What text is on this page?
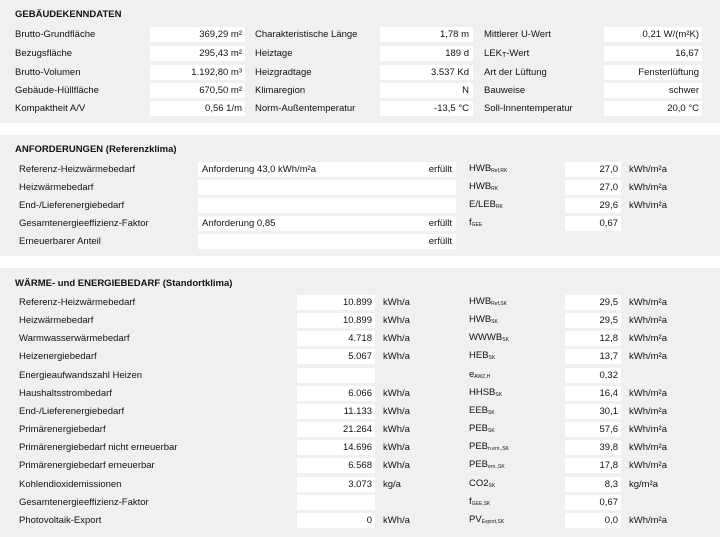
GEBÄUDEKENNDATEN
Brutto-Grundfläche	369,29 m² Charakteristische Länge	1,78 m Mittlerer U-Wert	0,21 W/(m²K)
Bezugsfläche	295,43 m² Heiztage	189 d $LEK_T$-Wert	16,67
Brutto-Volumen	1.192,80 m³ Heizgradtage	3.537 Kd Art der Lüftung	Fensterlüftung
Gebäude-Hüllfläche	670,50 m² Klimaregion	N Bauweise	schwer
Kompaktheit A/V	0,56 1/m Norm-Außentemperatur	-13,5 °C Soll-Innentemperatur	20,0 °C
ANFORDERUNGEN (Referenzklima)
Referenz-Heizwärmebedarf	Anforderung 43,0 kWh/m²a	erfüllt $HWB_{Ref,RK}$	27,0 kWh/m²a
Heizwärmebedarf	$HWB_{RK}$	27,0 kWh/m²a
End-/Lieferenergiebedarf	$E/LEB_{RK}$	29,6 kWh/m²a
Gesamtenergieeffizienz-Faktor	Anforderung 0,85	erfüllt $f_{GEE}$	0,67
Erneuerbarer Anteil	erfüllt
WÄRME- und ENERGIEBEDARF (Standortklima)
Referenz-Heizwärmebedarf	10.899 kWh/a	$HWB_{Ref,SK}$	29,5 kWh/m²a
Heizwärmebedarf	10.899 kWh/a	$HWB_{SK}$	29,5 kWh/m²a
Warmwasserwärmebedarf	4.718 kWh/a	$WWWB_{SK}$	12,8 kWh/m²a
Heizenergiebedarf	5.067 kWh/a	$HEB_{SK}$	13,7 kWh/m²a
Energieaufwandszahl Heizen	$e_{AWZ,H}$	0,32
Haushaltsstrombedarf	6.066 kWh/a	$HHSB_{SK}$	16,4 kWh/m²a
End-/Lieferenergiebedarf	11.133 kWh/a	$EEB_{SK}$	30,1 kWh/m²a
Primärenergiebedarf	21.264 kWh/a	$PEB_{SK}$	57,6 kWh/m²a
Primärenergiebedarf nicht erneuerbar	14.696 kWh/a	$PEB_{n.ern.,SK}$	39,8 kWh/m²a
Primärenergiebedarf erneuerbar	6.568 kWh/a	$PEB_{ern.,SK}$	17,8 kWh/m²a
Kohlendioxidemissionen	3.073 kg/a	$CO2_{SK}$	8,3 kg/m²a
Gesamtenergieeffizienz-Faktor	$f_{GEE,SK}$	0,67
Photovoltaik-Export	0 kWh/a	$PV_{Export,SK}$	0,0 kWh/m²a
